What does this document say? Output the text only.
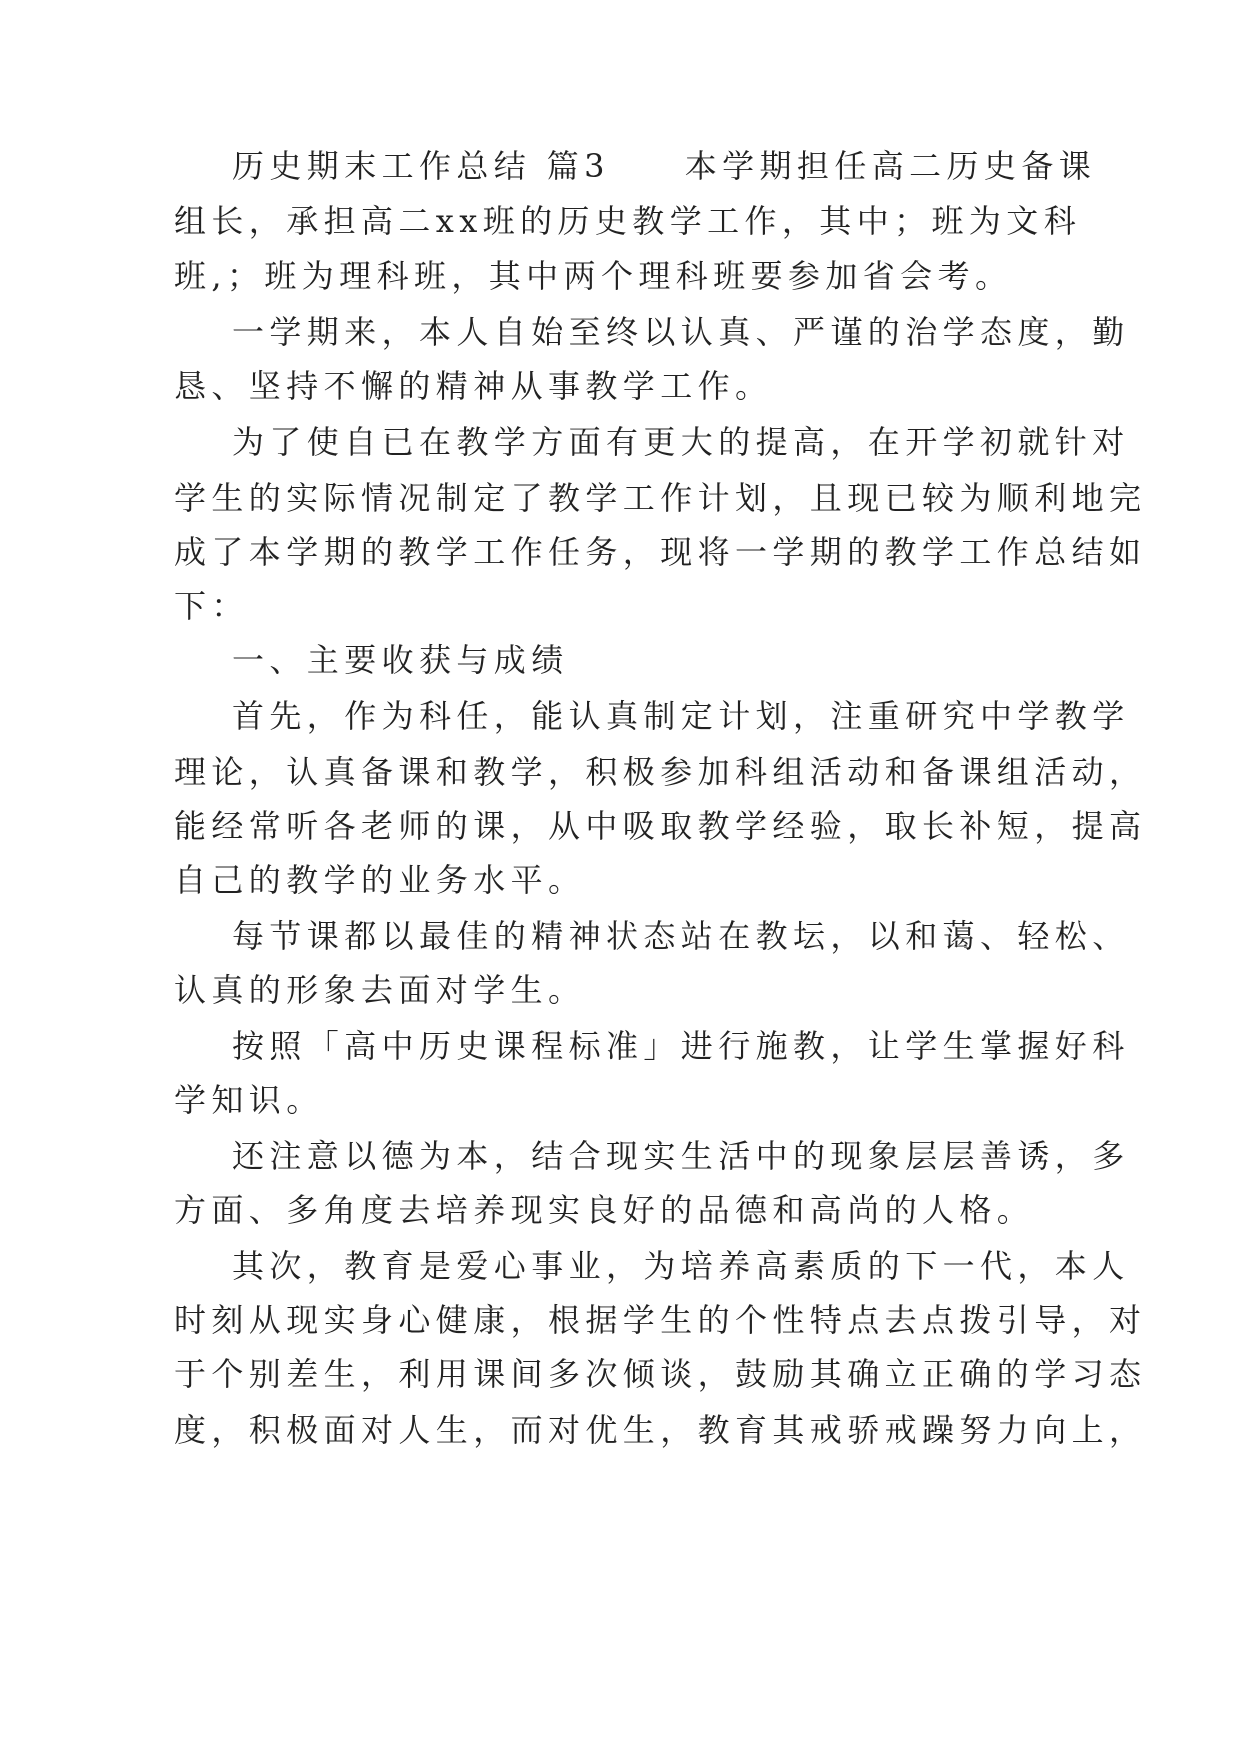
历史期末工作总结 篇3　　本学期担任高二历史备课
组长，承担高二xx班的历史教学工作，其中；班为文科
班,；班为理科班，其中两个理科班要参加省会考。
一学期来，本人自始至终以认真、严谨的治学态度，勤
恳、坚持不懈的精神从事教学工作。
为了使自已在教学方面有更大的提高，在开学初就针对
学生的实际情况制定了教学工作计划，且现已较为顺利地完
成了本学期的教学工作任务，现将一学期的教学工作总结如
下：
一、主要收获与成绩
首先，作为科任，能认真制定计划，注重研究中学教学
理论，认真备课和教学，积极参加科组活动和备课组活动，
能经常听各老师的课，从中吸取教学经验，取长补短，提高
自己的教学的业务水平。
每节课都以最佳的精神状态站在教坛，以和蔼、轻松、
认真的形象去面对学生。
按照「高中历史课程标准」进行施教，让学生掌握好科
学知识。
还注意以德为本，结合现实生活中的现象层层善诱，多
方面、多角度去培养现实良好的品德和高尚的人格。
其次，教育是爱心事业，为培养高素质的下一代，本人
时刻从现实身心健康，根据学生的个性特点去点拨引导，对
于个别差生，利用课间多次倾谈，鼓励其确立正确的学习态
度，积极面对人生，而对优生，教育其戒骄戒躁努力向上，
